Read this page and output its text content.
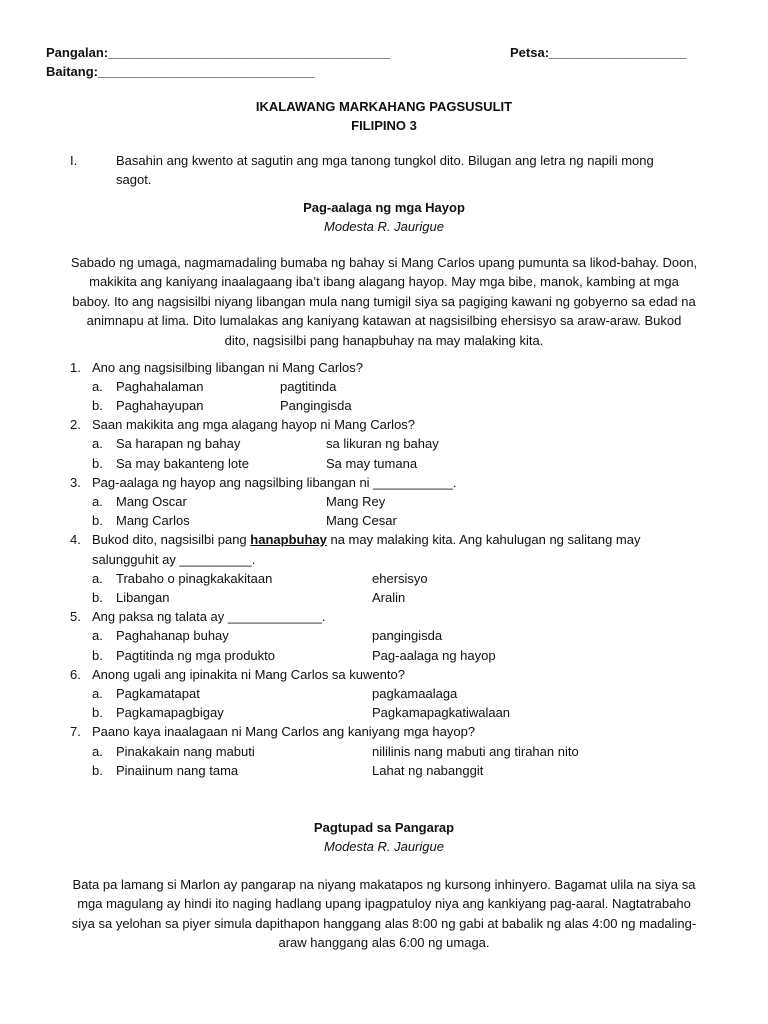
Pangalan:_______________________________________	Petsa:___________________
Baitang:______________________________
IKALAWANG MARKAHANG PAGSUSULIT
FILIPINO 3
I.	Basahin ang kwento at sagutin ang mga tanong tungkol dito. Bilugan ang letra ng napili mong
sagot.
Pag-aalaga ng mga Hayop
Modesta R. Jaurigue

Sabado ng umaga, nagmamadaling bumaba ng bahay si Mang Carlos upang pumunta sa likod-bahay. Doon,

makikita ang kaniyang inaalagaang iba’t ibang alagang hayop. May mga bibe, manok, kambing at mga

baboy. Ito ang nagsisilbi niyang libangan mula nang tumigil siya sa pagiging kawani ng gobyerno sa edad na

animnapu at lima. Dito lumalakas ang kaniyang katawan at nagsisilbing ehersisyo sa araw-araw. Bukod

dito, nagsisilbi pang hanapbuhay na may malaking kita.

1. Ano ang nagsisilbing libangan ni Mang Carlos?
a. Paghahalaman	pagtitinda
b. Paghahayupan	Pangingisda
2. Saan makikita ang mga alagang hayop ni Mang Carlos?
a. Sa harapan ng bahay	sa likuran ng bahay
b. Sa may bakanteng lote	Sa may tumana
3. Pag-aalaga ng hayop ang nagsilbing libangan ni ___________.
a. Mang Oscar	Mang Rey
b. Mang Carlos	Mang Cesar
4. Bukod dito, nagsisilbi pang hanapbuhay na may malaking kita. Ang kahulugan ng salitang may
salungguhit ay __________.
a. Trabaho o pinagkakakitaan	ehersisyo
b. Libangan	Aralin
5. Ang paksa ng talata ay _____________.
a. Paghahanap buhay	pangingisda
b. Pagtitinda ng mga produkto	Pag-aalaga ng hayop
6. Anong ugali ang ipinakita ni Mang Carlos sa kuwento?
a. Pagkamatapat	pagkamaalaga
b. Pagkamapagbigay	Pagkamapagkatiwalaan
7. Paano kaya inaalagaan ni Mang Carlos ang kaniyang mga hayop?
a. Pinakakain nang mabuti	nililinis nang mabuti ang tirahan nito
b. Pinaiinum nang tama	Lahat ng nabanggit
Pagtupad sa Pangarap
Modesta R. Jaurigue

Bata pa lamang si Marlon ay pangarap na niyang makatapos ng kursong inhinyero. Bagamat ulila na siya sa

mga magulang ay hindi ito naging hadlang upang ipagpatuloy niya ang kankiyang pag-aaral. Nagtatrabaho

siya sa yelohan sa piyer simula dapithapon hanggang alas 8:00 ng gabi at babalik ng alas 4:00 ng madaling-

araw hanggang alas 6:00 ng umaga.
